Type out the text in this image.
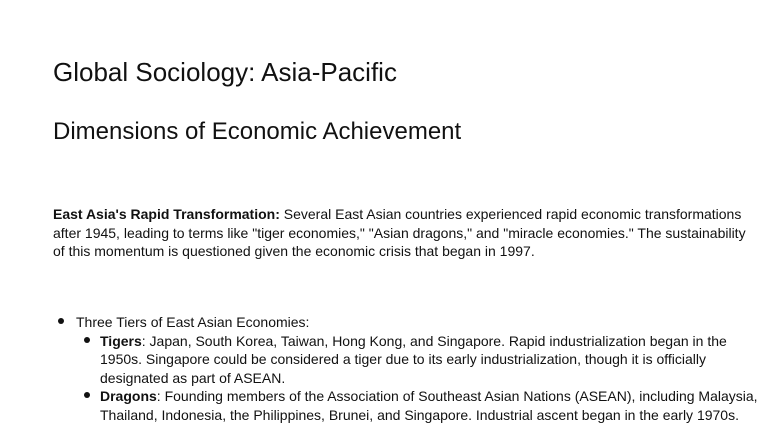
Global Sociology: Asia-Pacific
Dimensions of Economic Achievement

East Asia's Rapid Transformation: Several East Asian countries experienced rapid economic transformations after 1945, leading to terms like "tiger economies," "Asian dragons," and "miracle economies." The sustainability of this momentum is questioned given the economic crisis that began in 1997.

Three Tiers of East Asian Economies:
Tigers: Japan, South Korea, Taiwan, Hong Kong, and Singapore. Rapid industrialization began in the 1950s. Singapore could be considered a tiger due to its early industrialization, though it is officially designated as part of ASEAN.
Dragons: Founding members of the Association of Southeast Asian Nations (ASEAN), including Malaysia, Thailand, Indonesia, the Philippines, Brunei, and Singapore. Industrial ascent began in the early 1970s.
